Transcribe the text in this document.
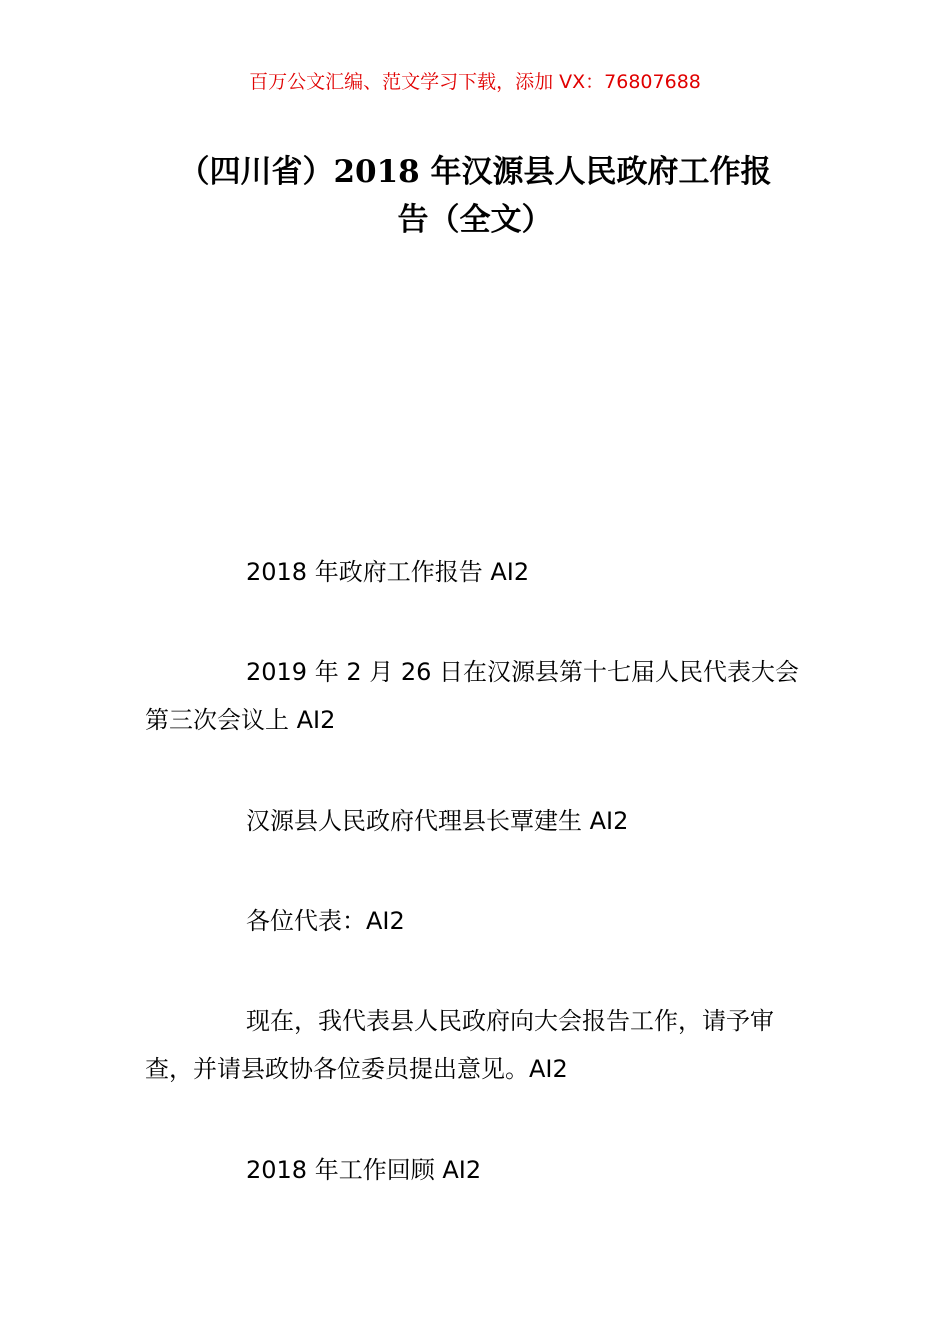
百万公文汇编、范文学习下载，添加 VX：76807688
（四川省）2018 年汉源县人民政府工作报
告（全文）

2018 年政府工作报告 AI2

2019 年 2 月 26 日在汉源县第十七届人民代表大会第三次会议上 AI2

汉源县人民政府代理县长覃建生 AI2

各位代表：AI2

现在，我代表县人民政府向大会报告工作，请予审查，并请县政协各位委员提出意见。AI2

2018 年工作回顾 AI2
